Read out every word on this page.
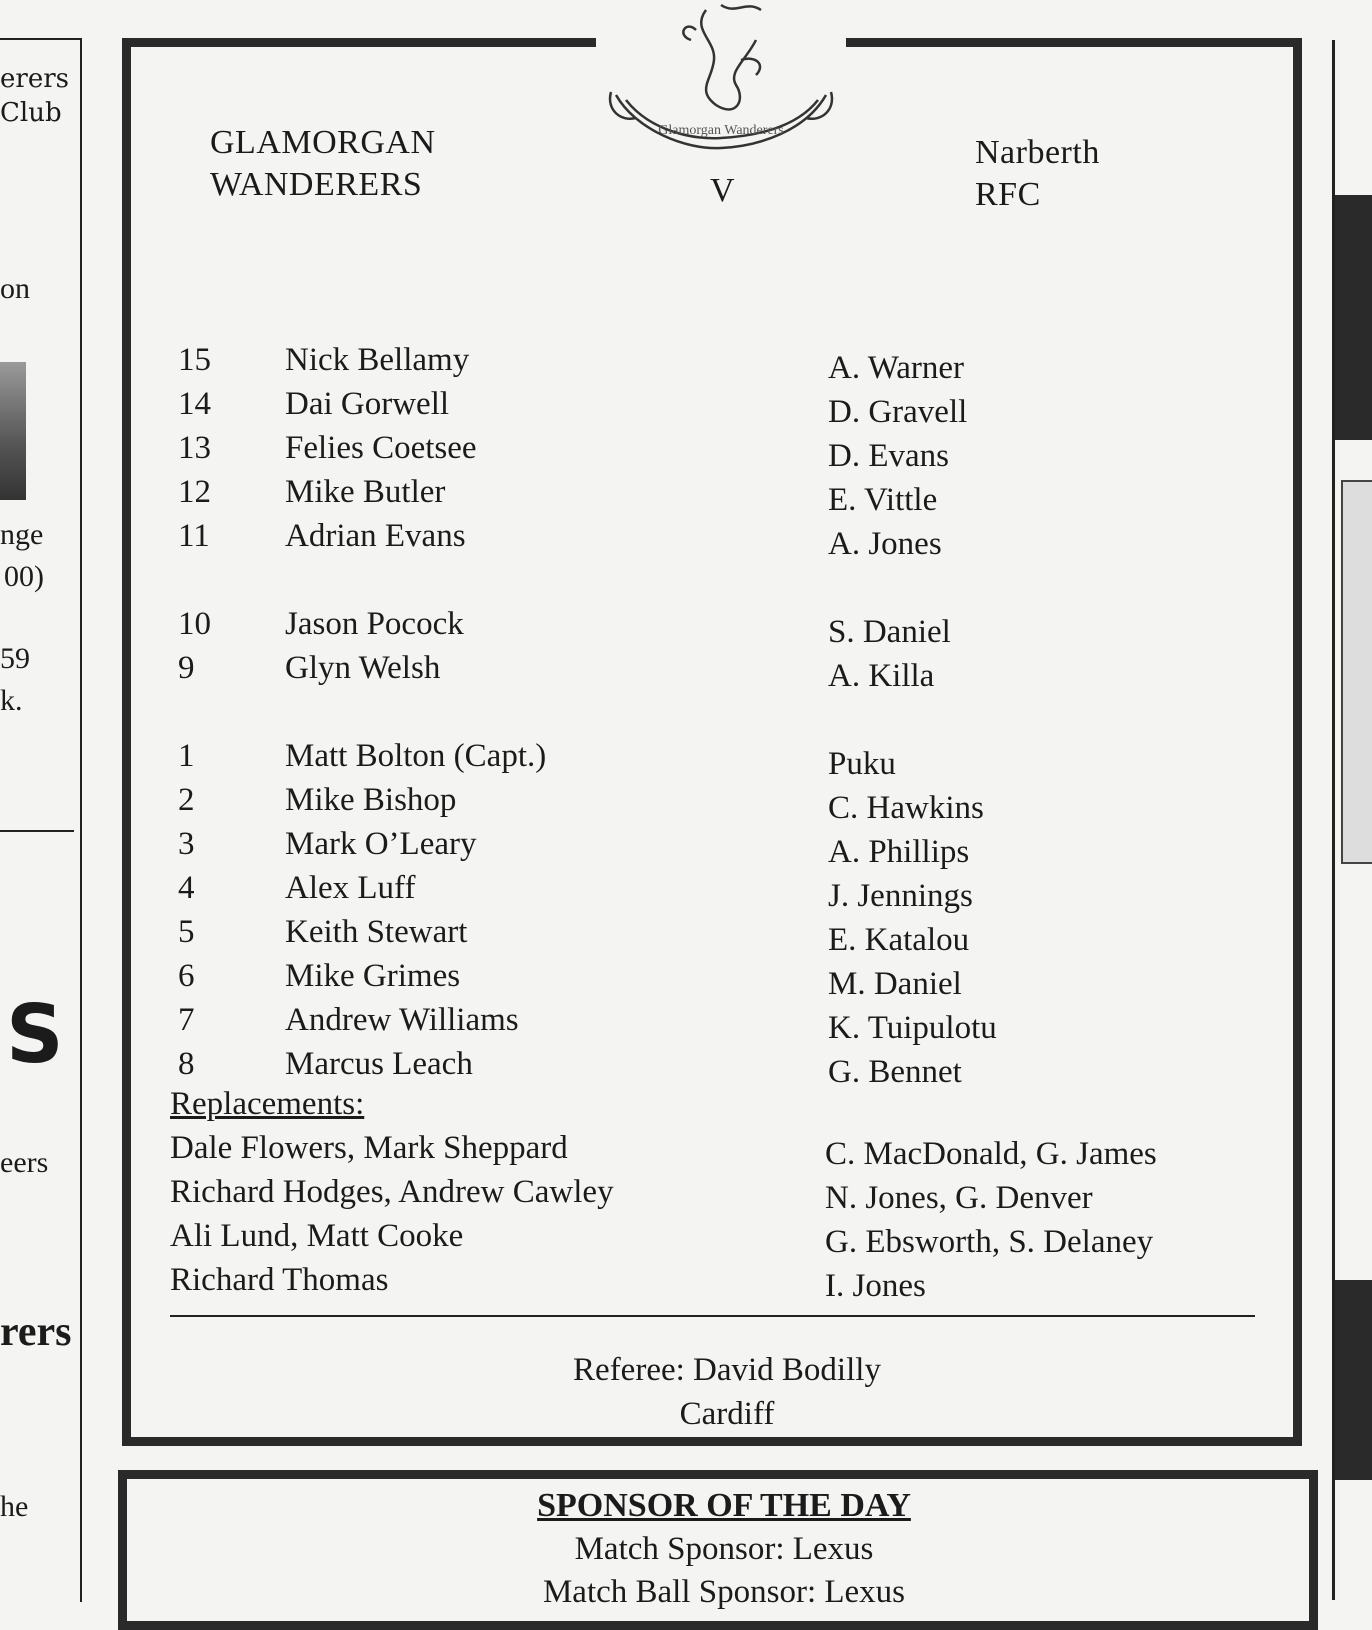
erers
Club
on
nge
00)
59
k.
S
eers
rers
he
Glamorgan Wanderers
GLAMORGAN
WANDERERS	V
Narberth
RFC
15 Nick Bellamy	A. Warner
14 Dai Gorwell	D. Gravell
13 Felies Coetsee	D. Evans
12 Mike Butler	E. Vittle
11 Adrian Evans	A. Jones
10 Jason Pocock	S. Daniel
9	Glyn Welsh	A. Killa
1	Matt Bolton (Capt.)	Puku
2	Mike Bishop	C. Hawkins
3	Mark O’Leary	A. Phillips
4	Alex Luff	J. Jennings
5	Keith Stewart	E. Katalou
6	Mike Grimes	M. Daniel
7	Andrew Williams	K. Tuipulotu
8	Marcus Leach	G. Bennet
Replacements:
Dale Flowers, Mark Sheppard
Richard Hodges, Andrew Cawley
Ali Lund, Matt Cooke
Richard Thomas
C. MacDonald, G. James
N. Jones, G. Denver
G. Ebsworth, S. Delaney
I. Jones
Referee: David Bodilly
Cardiff
SPONSOR OF THE DAY
Match Sponsor: Lexus
Match Ball Sponsor: Lexus
